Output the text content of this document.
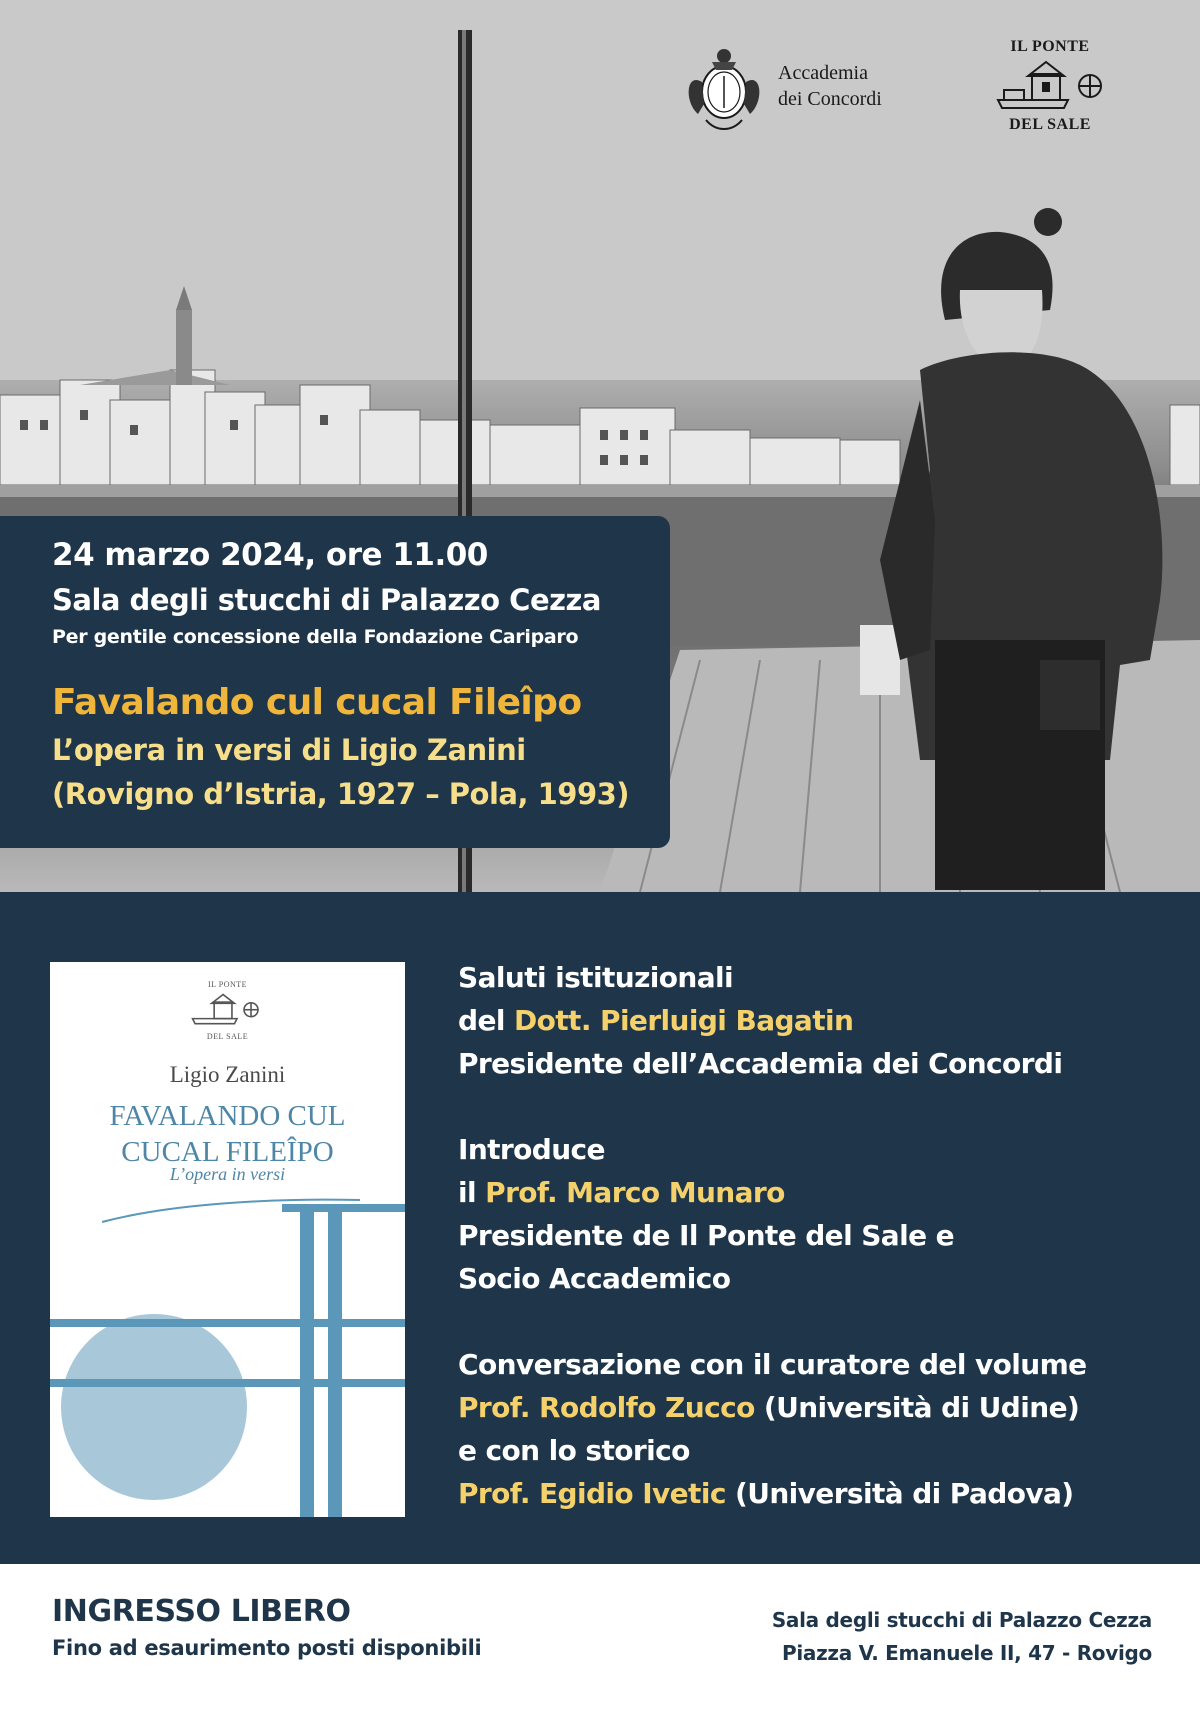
Accademia
dei Concordi
IL PONTE
DEL SALE
24 marzo 2024, ore 11.00
Sala degli stucchi di Palazzo Cezza
Per gentile concessione della Fondazione Cariparo
Favalando cul cucal Fileîpo
L’opera in versi di Ligio Zanini
(Rovigno d’Istria, 1927 – Pola, 1993)
IL PONTE
DEL SALE
Ligio Zanini
FAVALANDO CUL
CUCAL FILEÎPO
L’opera in versi
Saluti istituzionali
del Dott. Pierluigi Bagatin
Presidente dell’Accademia dei Concordi
Introduce
il Prof. Marco Munaro
Presidente de Il Ponte del Sale e
Socio Accademico
Conversazione con il curatore del volume
Prof. Rodolfo Zucco (Università di Udine)
e con lo storico
Prof. Egidio Ivetic (Università di Padova)
INGRESSO LIBERO
Fino ad esaurimento posti disponibili
Sala degli stucchi di Palazzo Cezza
Piazza V. Emanuele II, 47 - Rovigo
